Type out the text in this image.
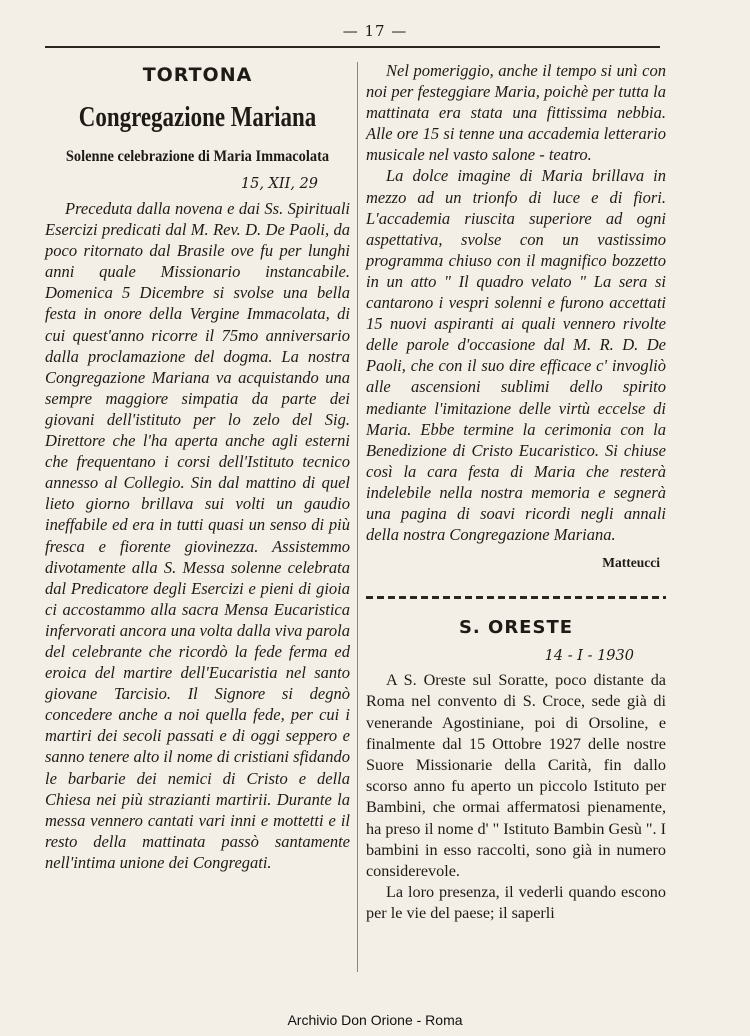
— 17 —
TORTONA
Congregazione Mariana
Solenne celebrazione di Maria Immacolata
15, XII, 29

Preceduta dalla novena e dai Ss. Spirituali Esercizi predicati dal M. Rev. D. De Paoli, da poco ritornato dal Brasile ove fu per lunghi anni quale Missionario instancabile. Domenica 5 Dicembre si svolse una bella festa in onore della Vergine Immacolata, di cui quest'anno ricorre il 75mo anniversario dalla proclamazione del dogma. La nostra Congregazione Mariana va acquistando una sempre maggiore simpatia da parte dei giovani dell'istituto per lo zelo del Sig. Direttore che l'ha aperta anche agli esterni che frequentano i corsi dell'Istituto tecnico annesso al Collegio. Sin dal mattino di quel lieto giorno brillava sui volti un gaudio ineffabile ed era in tutti quasi un senso di più fresca e fiorente giovinezza. Assistemmo divotamente alla S. Messa solenne celebrata dal Predicatore degli Esercizi e pieni di gioia ci accostammo alla sacra Mensa Eucaristica infervorati ancora una volta dalla viva parola del celebrante che ricordò la fede ferma ed eroica del martire dell'Eucaristia nel santo giovane Tarcisio. Il Signore si degnò concedere anche a noi quella fede, per cui i martiri dei secoli passati e di oggi seppero e sanno tenere alto il nome di cristiani sfidando le barbarie dei nemici di Cristo e della Chiesa nei più strazianti martirii. Durante la messa vennero cantati vari inni e mottetti e il resto della mattinata passò santamente nell'intima unione dei Congregati.

Nel pomeriggio, anche il tempo si unì con noi per festeggiare Maria, poichè per tutta la mattinata era stata una fittissima nebbia. Alle ore 15 si tenne una accademia letterario musicale nel vasto salone - teatro.

La dolce imagine di Maria brillava in mezzo ad un trionfo di luce e di fiori. L'accademia riuscita superiore ad ogni aspettativa, svolse con un vastissimo programma chiuso con il magnifico bozzetto in un atto " Il quadro velato " La sera si cantarono i vespri solenni e furono accettati 15 nuovi aspiranti ai quali vennero rivolte delle parole d'occasione dal M. R. D. De Paoli, che con il suo dire efficace c' invogliò alle ascensioni sublimi dello spirito mediante l'imitazione delle virtù eccelse di Maria. Ebbe termine la cerimonia con la Benedizione di Cristo Eucaristico. Si chiuse così la cara festa di Maria che resterà indelebile nella nostra memoria e segnerà una pagina di soavi ricordi negli annali della nostra Congregazione Mariana.

Matteucci
S. ORESTE
14 - I - 1930

A S. Oreste sul Soratte, poco distante da Roma nel convento di S. Croce, sede già di venerande Agostiniane, poi di Orsoline, e finalmente dal 15 Ottobre 1927 delle nostre Suore Missionarie della Carità, fin dallo scorso anno fu aperto un piccolo Istituto per Bambini, che ormai affermatosi pienamente, ha preso il nome d' " Istituto Bambin Gesù ". I bambini in esso raccolti, sono già in numero considerevole.

La loro presenza, il vederli quando escono per le vie del paese; il saperli

Archivio Don Orione - Roma
